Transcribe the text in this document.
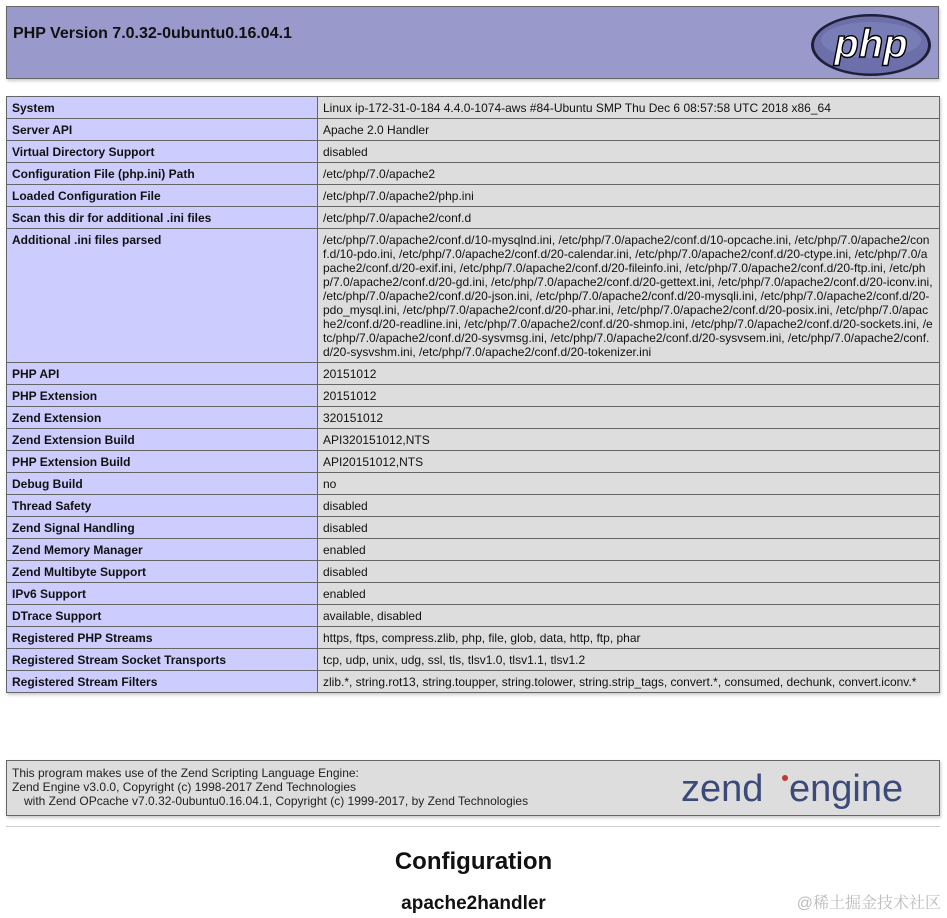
PHP Version 7.0.32-0ubuntu0.16.04.1	php
System	Linux ip-172-31-0-184 4.4.0-1074-aws #84-Ubuntu SMP Thu Dec 6 08:57:58 UTC 2018 x86_64
Server API	Apache 2.0 Handler
Virtual Directory Support	disabled
Configuration File (php.ini) Path	/etc/php/7.0/apache2
Loaded Configuration File	/etc/php/7.0/apache2/php.ini
Scan this dir for additional .ini files	/etc/php/7.0/apache2/conf.d
Additional .ini files parsed	/etc/php/7.0/apache2/conf.d/10-mysqlnd.ini, /etc/php/7.0/apache2/conf.d/10-opcache.ini, /etc/php/7.0/apache2/conf.d/10-pdo.ini, /etc/php/7.0/apache2/conf.d/20-calendar.ini, /etc/php/7.0/apache2/conf.d/20-ctype.ini, /etc/php/7.0/apache2/conf.d/20-exif.ini, /etc/php/7.0/apache2/conf.d/20-fileinfo.ini, /etc/php/7.0/apache2/conf.d/20-ftp.ini, /etc/php/7.0/apache2/conf.d/20-gd.ini, /etc/php/7.0/apache2/conf.d/20-gettext.ini, /etc/php/7.0/apache2/conf.d/20-iconv.ini, /etc/php/7.0/apache2/conf.d/20-json.ini, /etc/php/7.0/apache2/conf.d/20-mysqli.ini, /etc/php/7.0/apache2/conf.d/20-pdo_mysql.ini, /etc/php/7.0/apache2/conf.d/20-phar.ini, /etc/php/7.0/apache2/conf.d/20-posix.ini, /etc/php/7.0/apache2/conf.d/20-readline.ini, /etc/php/7.0/apache2/conf.d/20-shmop.ini, /etc/php/7.0/apache2/conf.d/20-sockets.ini, /etc/php/7.0/apache2/conf.d/20-sysvmsg.ini, /etc/php/7.0/apache2/conf.d/20-sysvsem.ini, /etc/php/7.0/apache2/conf.d/20-sysvshm.ini, /etc/php/7.0/apache2/conf.d/20-tokenizer.ini
PHP API	20151012
PHP Extension	20151012
Zend Extension	320151012
Zend Extension Build	API320151012,NTS
PHP Extension Build	API20151012,NTS
Debug Build	no
Thread Safety	disabled
Zend Signal Handling	disabled
Zend Memory Manager	enabled
Zend Multibyte Support	disabled
IPv6 Support	enabled
DTrace Support	available, disabled
Registered PHP Streams	https, ftps, compress.zlib, php, file, glob, data, http, ftp, phar
Registered Stream Socket Transports	tcp, udp, unix, udg, ssl, tls, tlsv1.0, tlsv1.1, tlsv1.2
Registered Stream Filters	zlib.*, string.rot13, string.toupper, string.tolower, string.strip_tags, convert.*, consumed, dechunk, convert.iconv.*
This program makes use of the Zend Scripting Language Engine:
Zend Engine v3.0.0, Copyright (c) 1998-2017 Zend Technologies
with Zend OPcache v7.0.32-0ubuntu0.16.04.1, Copyright (c) 1999-2017, by Zend Technologies	zend engine
Configuration
apache2handler	@稀土掘金技术社区
